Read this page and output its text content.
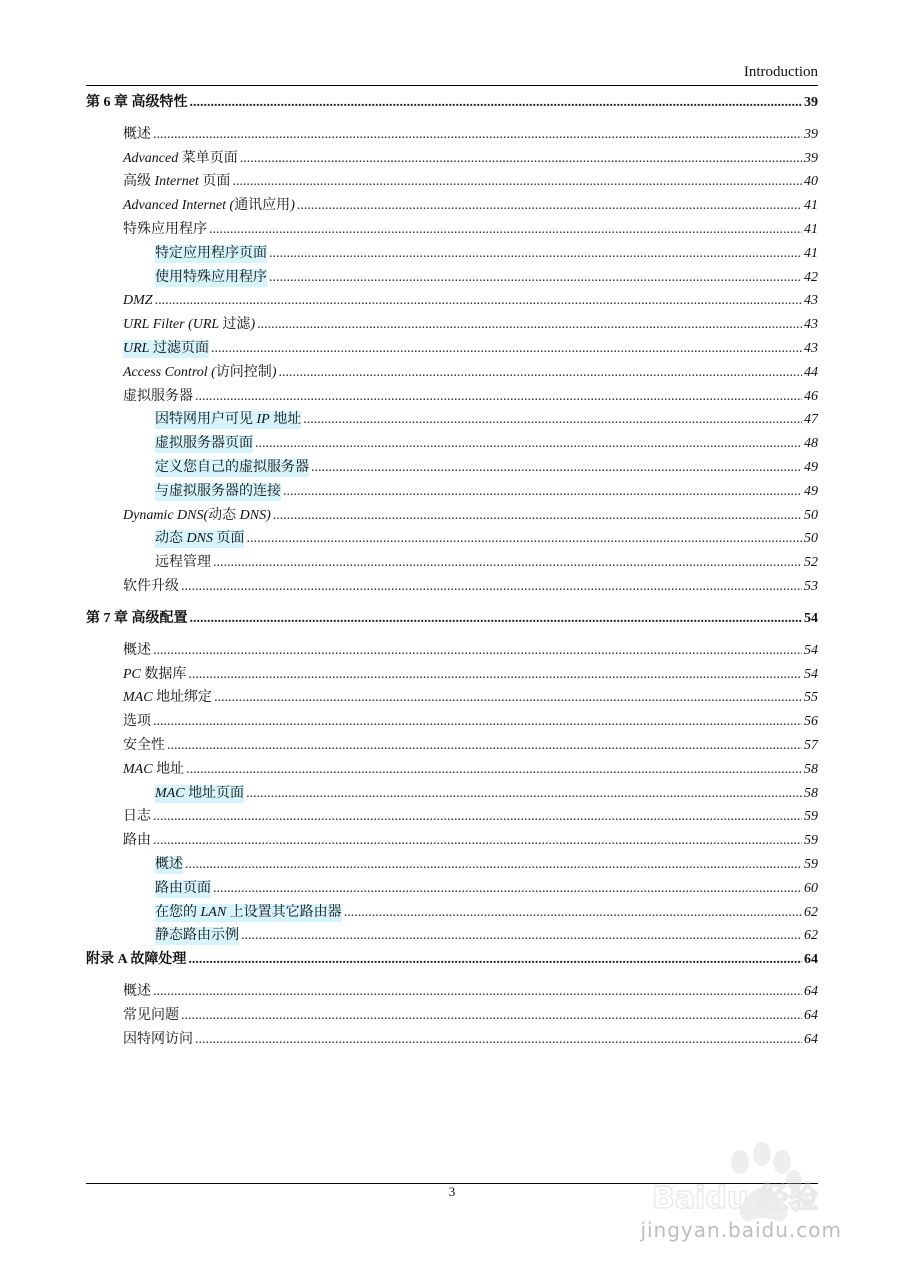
Introduction
第 6 章 高级特性 .....	39
概述 .....	39
Advanced 菜单页面 .....	39
高级 Internet 页面 .....	40
Advanced Internet (通讯应用) .....	41
特殊应用程序 .....	41
特定应用程序页面 .....	41
使用特殊应用程序 .....	42
DMZ .....	43
URL Filter (URL 过滤) .....	43
URL 过滤页面 .....	43
Access Control (访问控制) .....	44
虚拟服务器 .....	46
因特网用户可见 IP 地址 .....	47
虚拟服务器页面 .....	48
定义您自己的虚拟服务器 .....	49
与虚拟服务器的连接 .....	49
Dynamic DNS(动态 DNS) .....	50
动态 DNS 页面 .....	50
远程管理 .....	52
软件升级 .....	53
第 7 章 高级配置 .....	54
概述 .....	54
PC 数据库 .....	54
MAC 地址绑定 .....	55
选项 .....	56
安全性 .....	57
MAC 地址 .....	58
MAC 地址页面 .....	58
日志 .....	59
路由 .....	59
概述 .....	59
路由页面 .....	60
在您的 LAN 上设置其它路由器 .....	62
静态路由示例 .....	62
附录 A 故障处理 .....	64
概述 .....	64
常见问题 .....	64
因特网访问 .....	64
3	Baidu 经验
jingyan.baidu.com
